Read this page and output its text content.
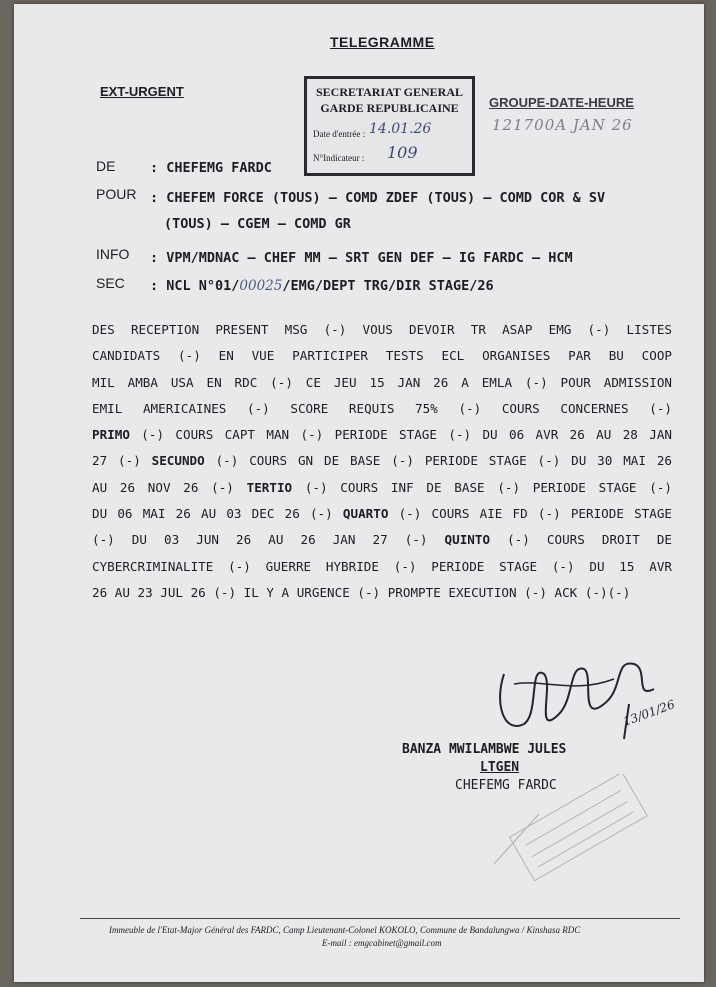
TELEGRAMME
EXT-URGENT	SECRETARIAT GENERAL
GARDE REPUBLICAINE
Date d'entrée : 14.01.26
N°Indicateur : 109
GROUPE-DATE-HEURE
121700A JAN 26
DE	: CHEFEMG FARDC
POUR : CHEFEM FORCE (TOUS) – COMD ZDEF (TOUS) – COMD COR & SV
(TOUS) – CGEM – COMD GR
INFO : VPM/MDNAC – CHEF MM – SRT GEN DEF – IG FARDC – HCM
SEC : NCL N°01/00025/EMG/DEPT TRG/DIR STAGE/26
DES RECEPTION PRESENT MSG (-) VOUS DEVOIR TR ASAP EMG (-) LISTES
CANDIDATS (-) EN VUE PARTICIPER TESTS ECL ORGANISES PAR BU COOP
MIL AMBA USA EN RDC (-) CE JEU 15 JAN 26 A EMLA (-) POUR ADMISSION
EMIL AMERICAINES (-) SCORE REQUIS 75% (-) COURS CONCERNES (-)
PRIMO (-) COURS CAPT MAN (-) PERIODE STAGE (-) DU 06 AVR 26 AU 28 JAN
27 (-) SECUNDO (-) COURS GN DE BASE (-) PERIODE STAGE (-) DU 30 MAI 26
AU 26 NOV 26 (-) TERTIO (-) COURS INF DE BASE (-) PERIODE STAGE (-)
DU 06 MAI 26 AU 03 DEC 26 (-) QUARTO (-) COURS AIE FD (-) PERIODE STAGE
(-) DU 03 JUN 26 AU 26 JAN 27 (-) QUINTO (-) COURS DROIT DE
CYBERCRIMINALITE (-) GUERRE HYBRIDE (-) PERIODE STAGE (-) DU 15 AVR
26 AU 23 JUL 26 (-) IL Y A URGENCE (-) PROMPTE EXECUTION (-) ACK (-)(-)
13/01/26
BANZA MWILAMBWE JULES
LTGEN
CHEFEMG FARDC
Immeuble de l'Etat-Major Général des FARDC, Camp Lieutenant-Colonel KOKOLO, Commune de Bandalungwa / Kinshasa RDC
E-mail : emgcabinet@gmail.com
